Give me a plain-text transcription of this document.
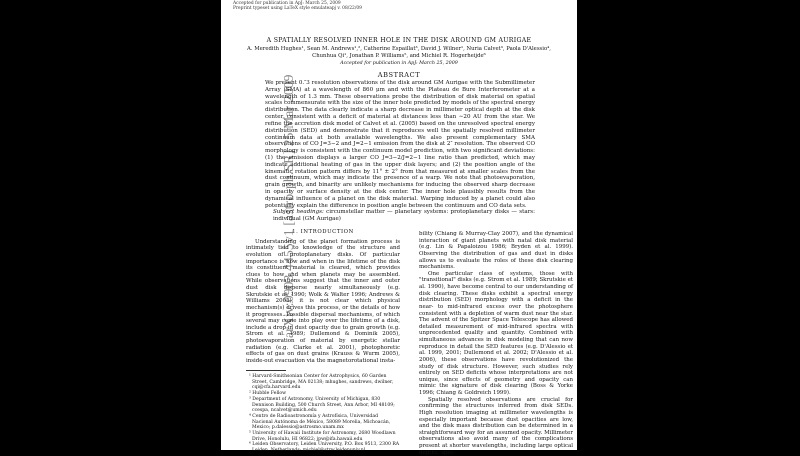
arXiv:0903.4455v1 [astro-ph.SR] 25 Mar 2009
Accepted for publication in ApJ: March 25, 2009
Preprint typeset using LaTeX style emulateapj v. 08/22/09
A SPATIALLY RESOLVED INNER HOLE IN THE DISK AROUND GM AURIGAE
A. Meredith Hughes¹, Sean M. Andrews¹,², Catherine Espaillat³, David J. Wilner¹, Nuria Calvet³, Paola D'Alessio⁴, Chunhua Qi¹, Jonathan P. Williams⁵, and Michiel R. Hogerheijde⁶
Accepted for publication in ApJ: March 25, 2009
ABSTRACT
We present 0.″3 resolution observations of the disk around GM Aurigae with the Submillimeter Array (SMA) at a wavelength of 860 μm and with the Plateau de Bure Interferometer at a wavelength of 1.3 mm. These observations probe the distribution of disk material on spatial scales commensurate with the size of the inner hole predicted by models of the spectral energy distribution. The data clearly indicate a sharp decrease in millimeter optical depth at the disk center, consistent with a deficit of material at distances less than ∼20 AU from the star. We refine the accretion disk model of Calvet et al. (2005) based on the unresolved spectral energy distribution (SED) and demonstrate that it reproduces well the spatially resolved millimeter continuum data at both available wavelengths. We also present complementary SMA observations of CO J=3−2 and J=2−1 emission from the disk at 2″ resolution. The observed CO morphology is consistent with the continuum model prediction, with two significant deviations: (1) the emission displays a larger CO J=3−2/J=2−1 line ratio than predicted, which may indicate additional heating of gas in the upper disk layers; and (2) the position angle of the kinematic rotation pattern differs by 11° ± 2° from that measured at smaller scales from the dust continuum, which may indicate the presence of a warp. We note that photoevaporation, grain growth, and binarity are unlikely mechanisms for inducing the observed sharp decrease in opacity or surface density at the disk center. The inner hole plausibly results from the dynamical influence of a planet on the disk material. Warping induced by a planet could also potentially explain the difference in position angle between the continuum and CO data sets.
Subject headings: circumstellar matter — planetary systems: protoplanetary disks — stars: individual (GM Aurigae)
1. INTRODUCTION

Understanding of the planet formation process is intimately tied to knowledge of the structure and evolution of protoplanetary disks. Of particular importance is how and when in the lifetime of the disk its constituent material is cleared, which provides clues to how and when planets may be assembled. While observations suggest that the inner and outer dust disk disperse nearly simultaneously (e.g. Skrutskie et al. 1990; Wolk & Walter 1996; Andrews & Williams 2005), it is not clear which physical mechanism(s) drives this process, or the details of how it progresses. Possible dispersal mechanisms, of which several may come into play over the lifetime of a disk, include a drop in dust opacity due to grain growth (e.g. Strom et al. 1989; Dullemond & Dominik 2005), photoevaporation of material by energetic stellar radiation (e.g. Clarke et al. 2001), photophoretic effects of gas on dust grains (Krauss & Wurm 2005), inside-out evacuation via the magnetorotational insta-

¹ Harvard-Smithsonian Center for Astrophysics, 60 Garden Street, Cambridge, MA 02138; mhughes, sandrews, dwilner, cqi@cfa.harvard.edu
² Hubble Fellow
³ Department of Astronomy, University of Michigan, 830 Dennison Building, 500 Church Street, Ann Arbor, MI 48109; ccespa, ncalvet@umich.edu
⁴ Centro de Radioastronomía y Astrofísica, Universidad Nacional Autónoma de México, 58089 Morelia, Michoacán, Mexico; p.dalessio@astrosmo.unam.mx
⁵ University of Hawaii Institute for Astronomy, 2680 Woodlawn Drive, Honolulu, HI 96822; jpw@ifa.hawaii.edu
⁶ Leiden Observatory, Leiden University, P.O. Box 9513, 2300 RA Leiden, Netherlands; michiel@strw.leidenuniv.nl

bility (Chiang & Murray-Clay 2007), and the dynamical interaction of giant planets with natal disk material (e.g. Lin & Papaloizou 1986; Bryden et al. 1999). Observing the distribution of gas and dust in disks allows us to evaluate the roles of these disk clearing mechanisms.

One particular class of systems, those with "transitional" disks (e.g. Strom et al. 1989; Skrutskie et al. 1990), have become central to our understanding of disk clearing. These disks exhibit a spectral energy distribution (SED) morphology with a deficit in the near- to mid-infrared excess over the photosphere consistent with a depletion of warm dust near the star. The advent of the Spitzer Space Telescope has allowed detailed measurement of mid-infrared spectra with unprecedented quality and quantity. Combined with simultaneous advances in disk modeling that can now reproduce in detail the SED features (e.g. D'Alessio et al. 1999, 2001; Dullemond et al. 2002; D'Alessio et al. 2006), these observations have revolutionized the study of disk structure. However, such studies rely entirely on SED deficits whose interpretations are not unique, since effects of geometry and opacity can mimic the signature of disk clearing (Boss & Yorke 1996; Chiang & Goldreich 1999).

Spatially resolved observations are crucial for confirming the structures inferred from disk SEDs. High resolution imaging at millimeter wavelengths is especially important because dust opacities are low, and the disk mass distribution can be determined in a straightforward way for an assumed opacity. Millimeter observations also avoid many of the complications present at shorter wavelengths, including large optical depths, spec-
